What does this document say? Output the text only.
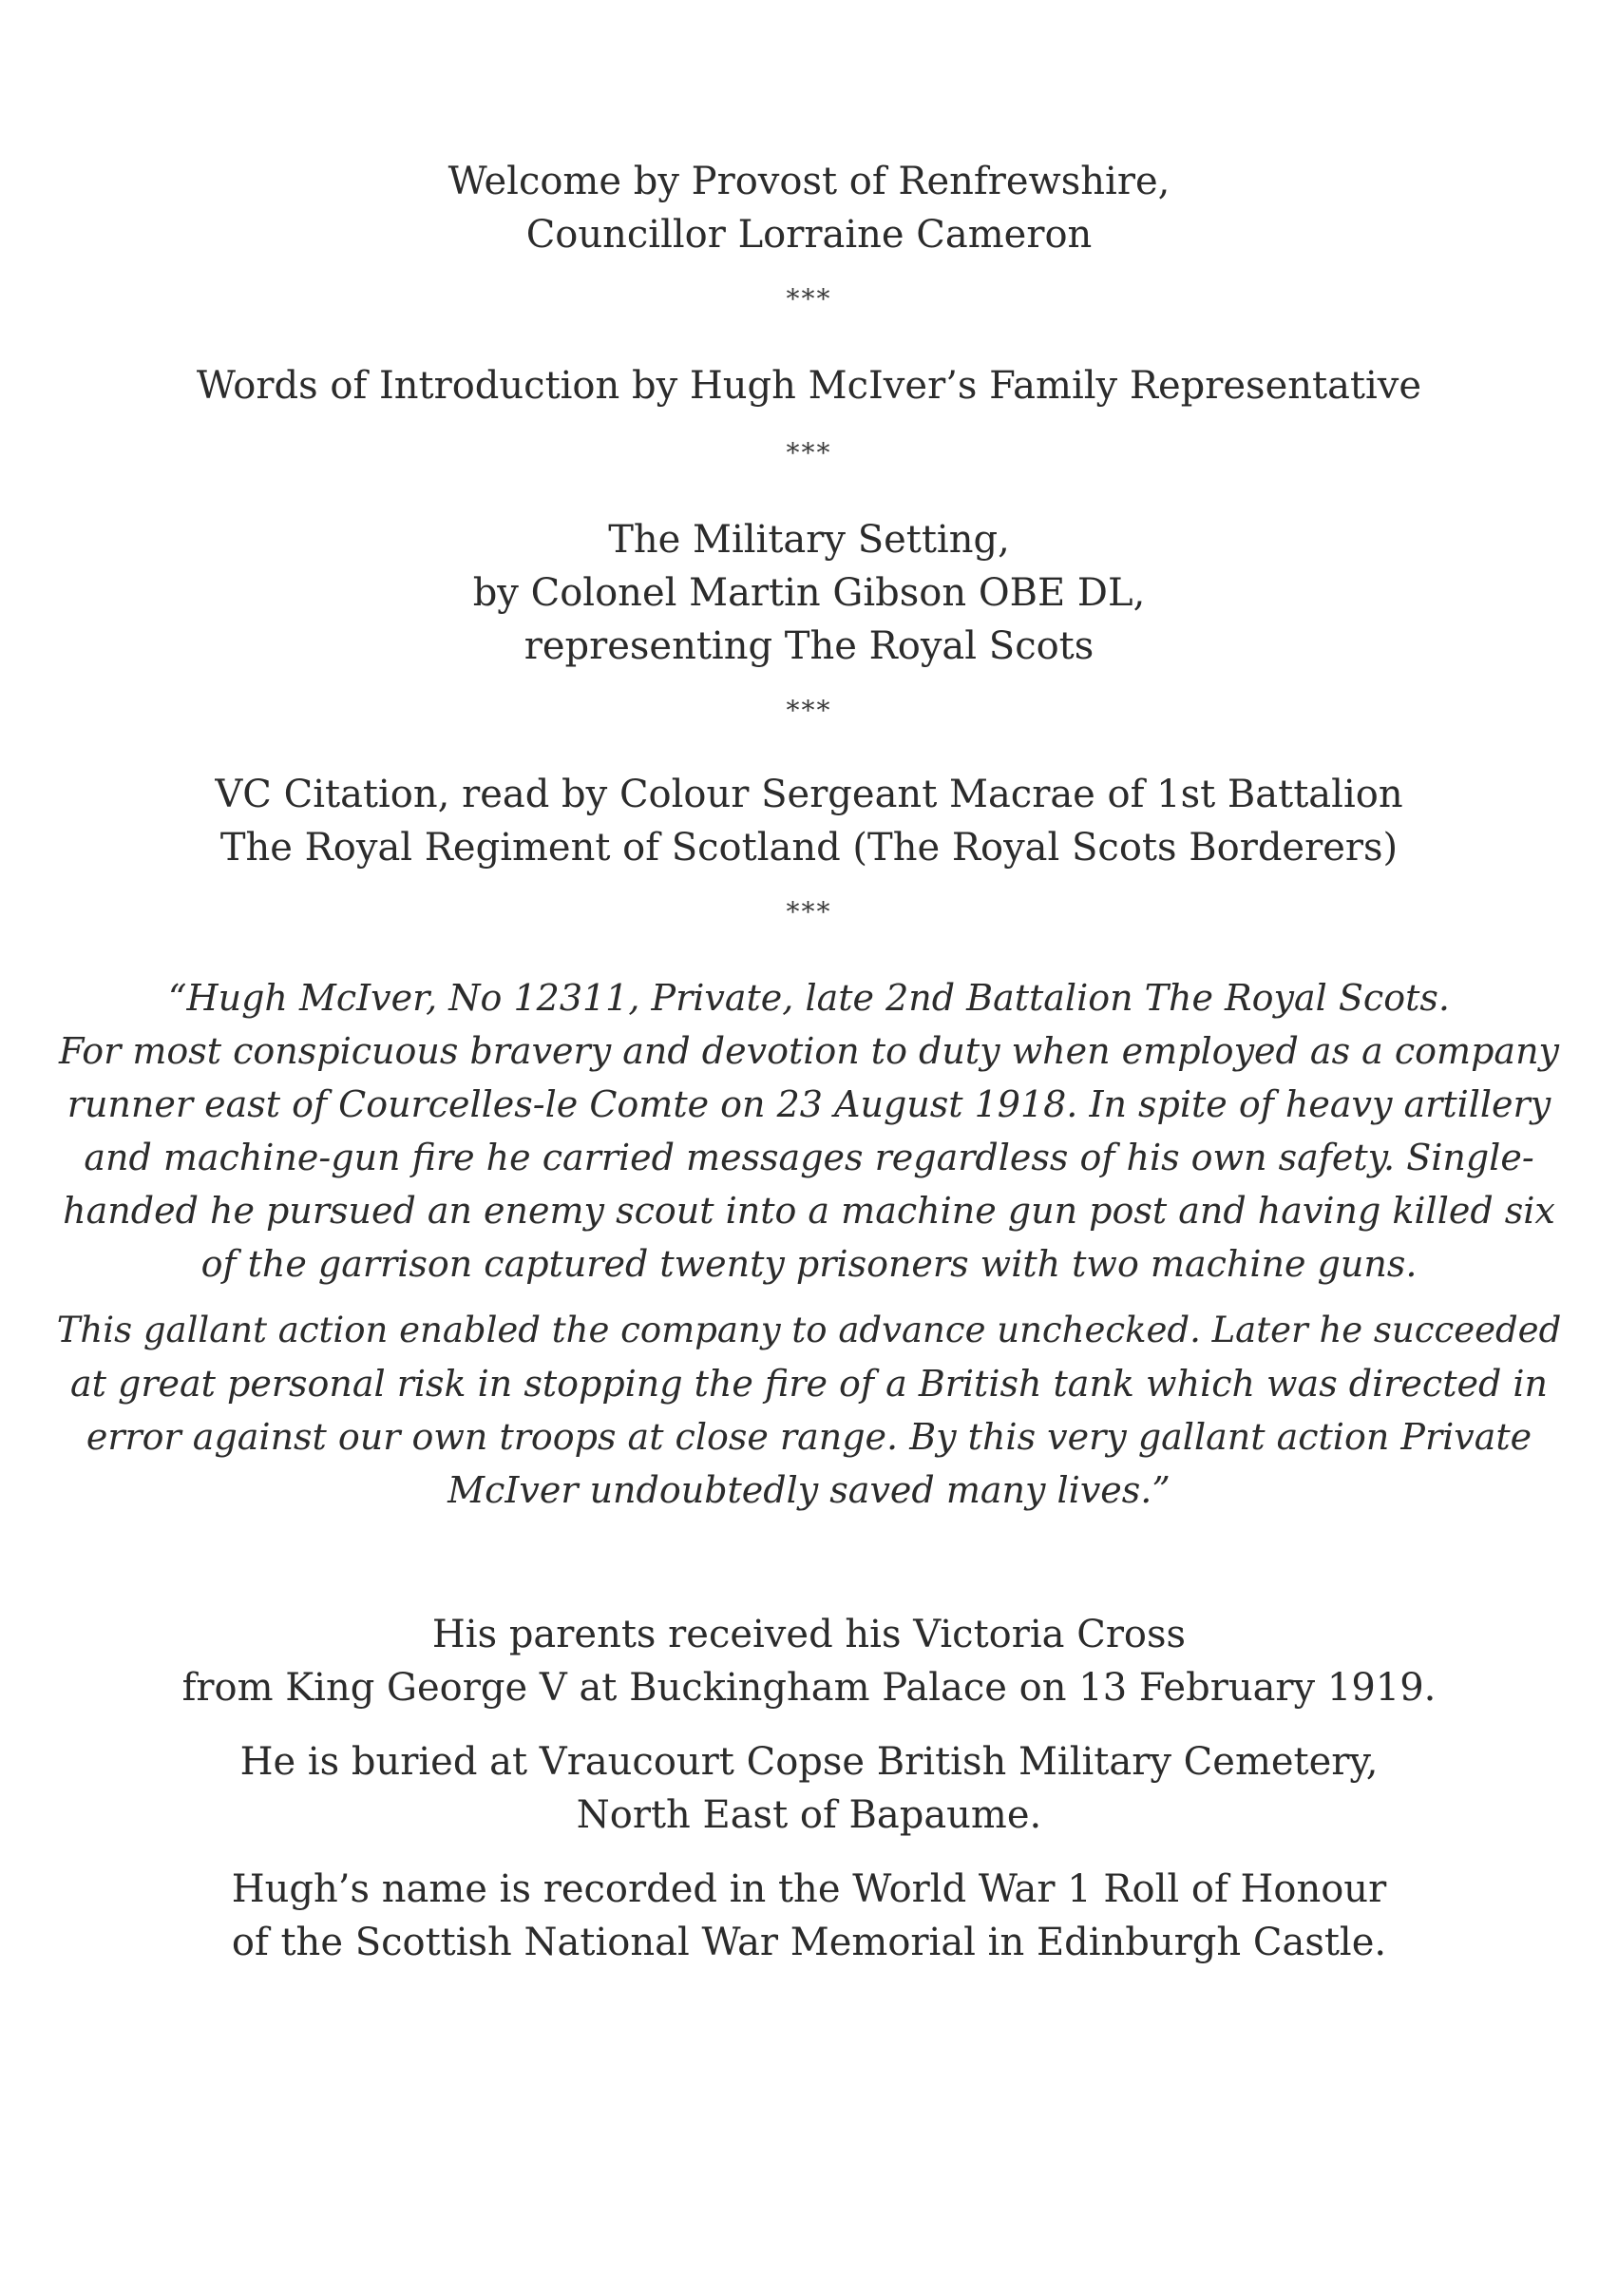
Welcome by Provost of Renfrewshire,
Councillor Lorraine Cameron
***
Words of Introduction by Hugh McIver’s Family Representative
***
The Military Setting,
by Colonel Martin Gibson OBE DL,
representing The Royal Scots
***
VC Citation, read by Colour Sergeant Macrae of 1st Battalion
The Royal Regiment of Scotland (The Royal Scots Borderers)
***
“Hugh McIver, No 12311, Private, late 2nd Battalion The Royal Scots.
For most conspicuous bravery and devotion to duty when employed as a company
runner east of Courcelles-le Comte on 23 August 1918. In spite of heavy artillery
and machine-gun fire he carried messages regardless of his own safety. Single-
handed he pursued an enemy scout into a machine gun post and having killed six
of the garrison captured twenty prisoners with two machine guns.
This gallant action enabled the company to advance unchecked. Later he succeeded
at great personal risk in stopping the fire of a British tank which was directed in
error against our own troops at close range. By this very gallant action Private
McIver undoubtedly saved many lives.”
His parents received his Victoria Cross
from King George V at Buckingham Palace on 13 February 1919.
He is buried at Vraucourt Copse British Military Cemetery,
North East of Bapaume.
Hugh’s name is recorded in the World War 1 Roll of Honour
of the Scottish National War Memorial in Edinburgh Castle.
